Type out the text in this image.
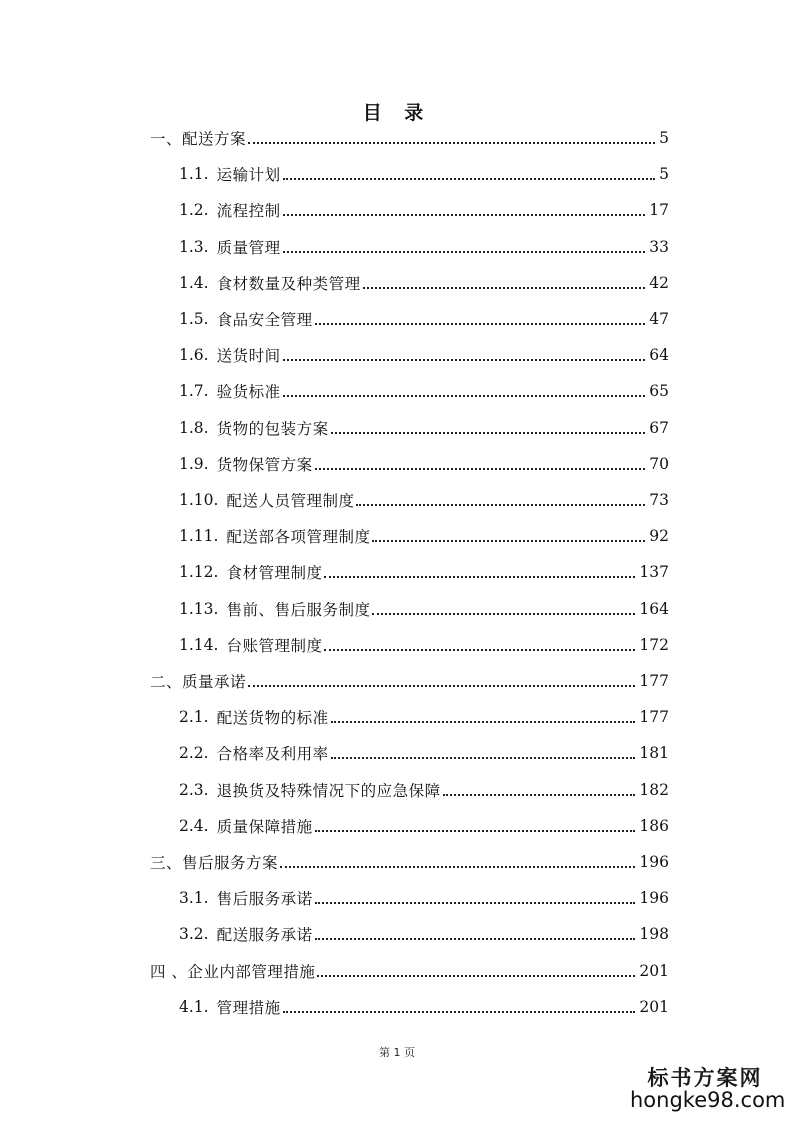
目 录
一、配送方案	5
1.1. 运输计划	5
1.2. 流程控制	17
1.3. 质量管理	33
1.4. 食材数量及种类管理	42
1.5. 食品安全管理	47
1.6. 送货时间	64
1.7. 验货标准	65
1.8. 货物的包装方案	67
1.9. 货物保管方案	70
1.10. 配送人员管理制度	73
1.11. 配送部各项管理制度	92
1.12. 食材管理制度	137
1.13. 售前、售后服务制度	164
1.14. 台账管理制度	172
二、质量承诺	177
2.1. 配送货物的标准	177
2.2. 合格率及利用率	181
2.3. 退换货及特殊情况下的应急保障	182
2.4. 质量保障措施	186
三、售后服务方案	196
3.1. 售后服务承诺	196
3.2. 配送服务承诺	198
四 、企业内部管理措施	201
4.1. 管理措施	201
第 1 页
标书方案网
hongke98.com
